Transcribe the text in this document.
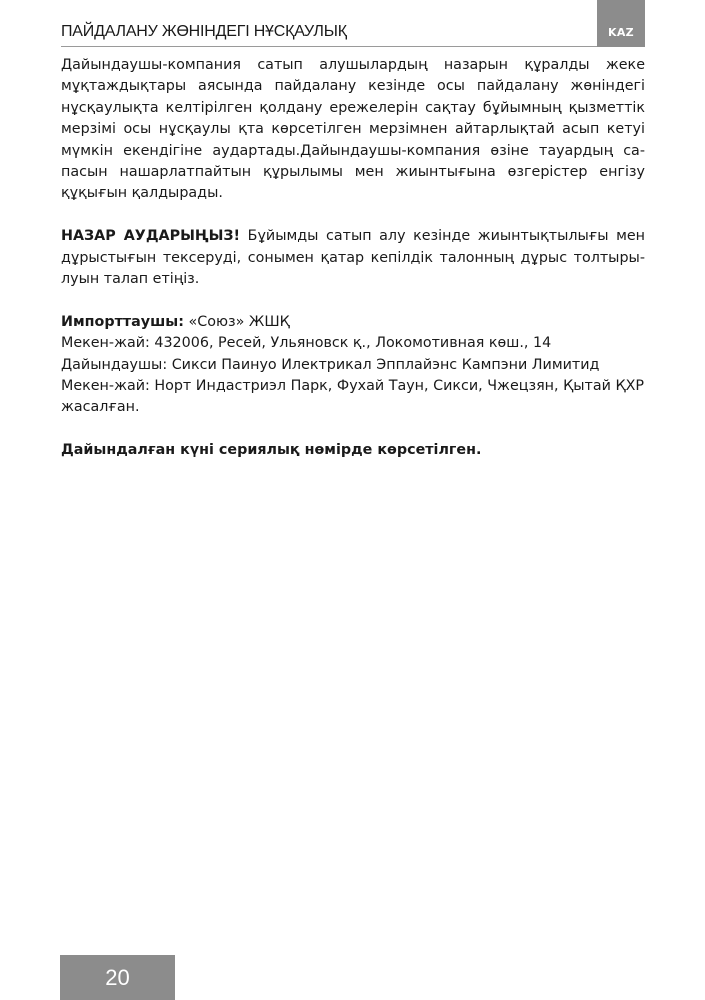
ПАЙДАЛАНУ ЖӨНІНДЕГІ НҰСҚАУЛЫҚ	KAZ

Дайындаушы-компания сатып алушылардың назарын құралды жеке мұқтаждықтары аясында пайдалану кезінде осы пайдалану жөніндегі нұсқаулықта келтірілген қолдану ережелерін сақтау бұйымның қызметтік мерзімі осы нұсқаулы қта көрсетілген мерзімнен айтарлықтай асып кетуі мүмкін екендігіне аудартады.Дайындаушы-компания өзіне тауардың сапасын нашарлатпайтын құрылымы мен жиынтығына өзгерістер енгізу құқығын қалдырады.

НАЗАР АУДАРЫҢЫЗ! Бұйымды сатып алу кезінде жиынтықтылығы мен дұрыстығын тексеруді, сонымен қатар кепілдік талонның дұрыс толтырылуын талап етіңіз.

Импорттаушы: «Союз» ЖШҚ

Мекен-жай: 432006, Ресей, Ульяновск қ., Локомотивная көш., 14

Дайындаушы: Сикси Паинуо Илектрикал Эпплайэнс Кампэни Лимитид

Мекен-жай: Норт Индастриэл Парк, Фухай Таун, Сикси, Чжецзян, Қытай ҚХР жасалған.

Дайындалған күні сериялық нөмірде көрсетілген.

20
